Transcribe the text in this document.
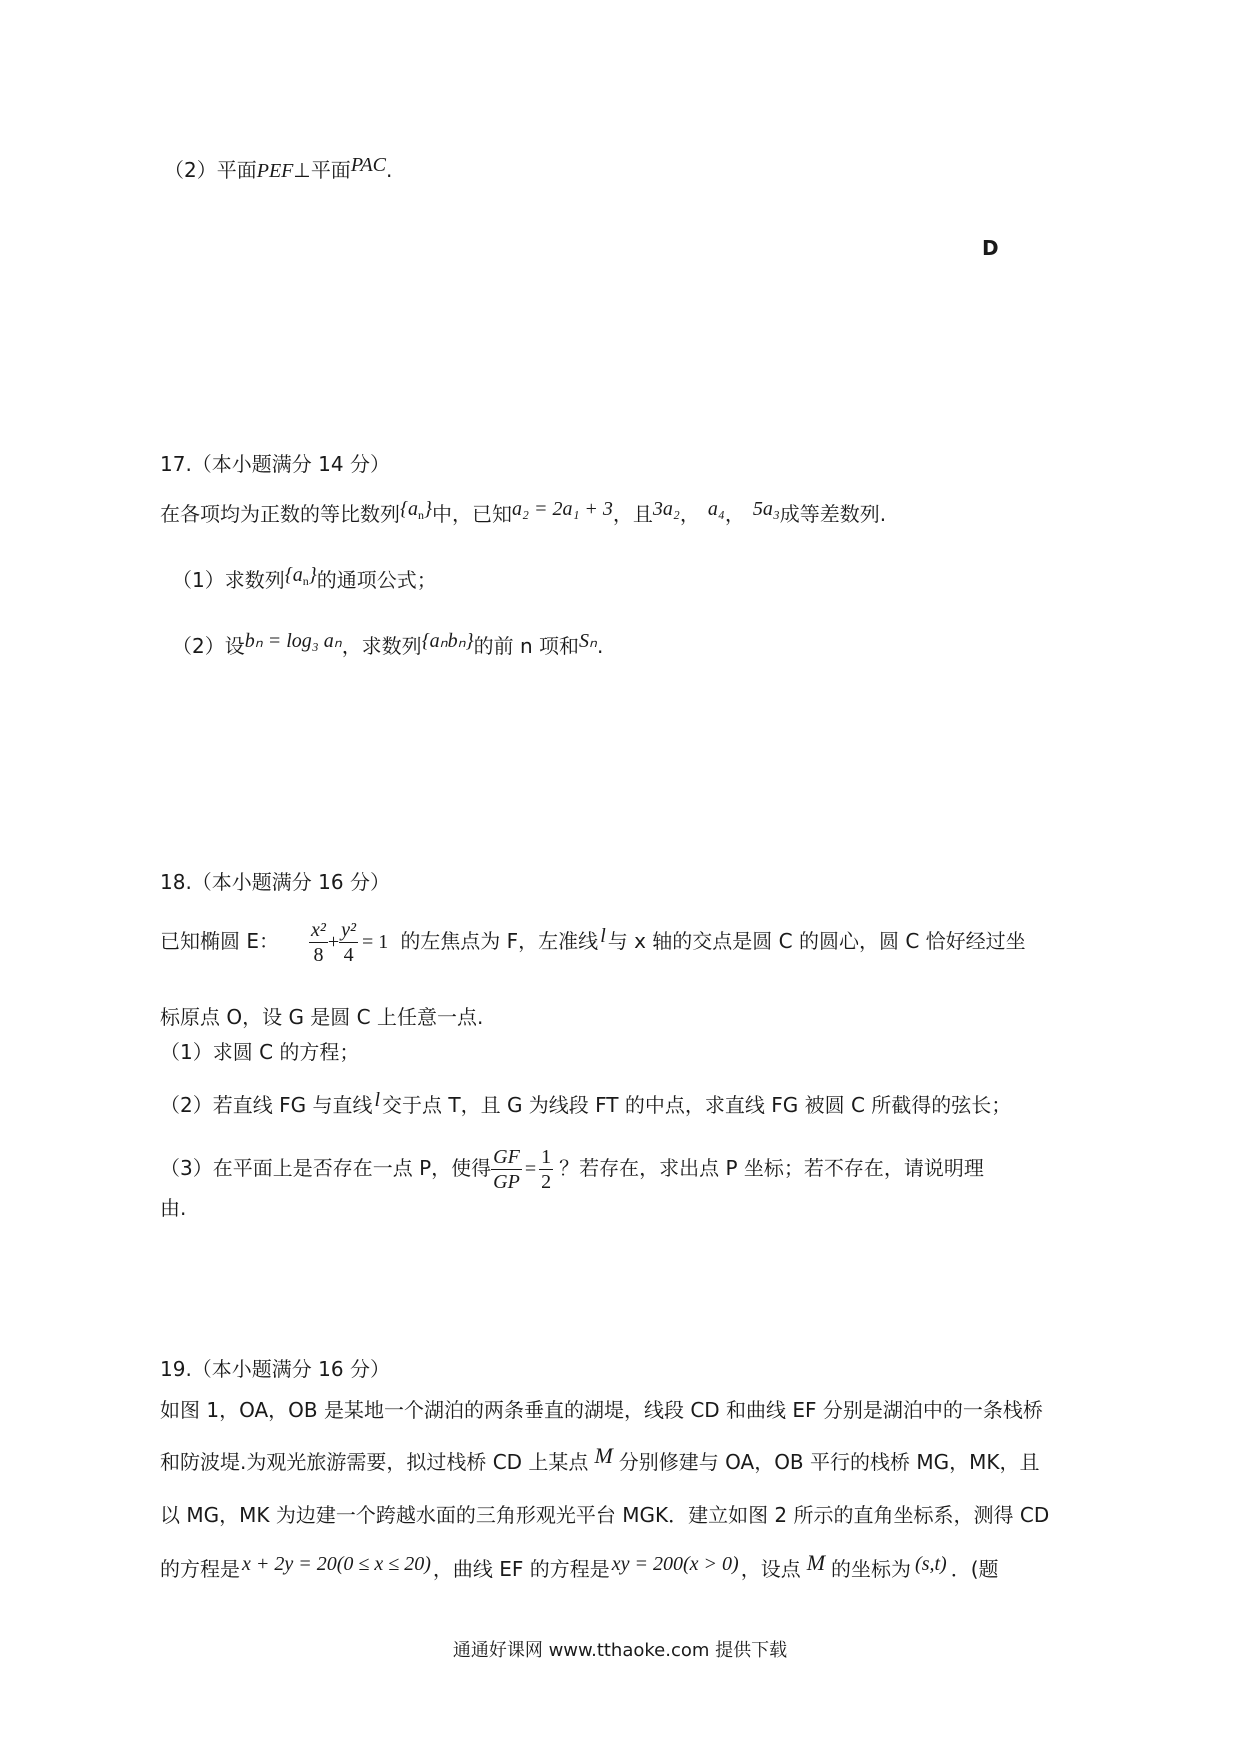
（2）平面PEF⊥平面PAC.
D
17.（本小题满分 14 分）
在各项均为正数的等比数列$\{a_n\}$中，已知a₂ = 2a₁ + 3，且3a₂， a₄， 5a₃成等差数列.
（1）求数列$\{a_n\}$的通项公式；
（2）设bₙ = log₃ aₙ，求数列{aₙbₙ}的前 n 项和Sₙ.
18.（本小题满分 16 分）
已知椭圆 E： $\frac{\text{x²}}{8} + \frac{\text{y²}}{4} = 1$ 的左焦点为 F，左准线 l 与 x 轴的交点是圆 C 的圆心，圆 C 恰好经过坐
标原点 O，设 G 是圆 C 上任意一点.
（1）求圆 C 的方程；
（2）若直线 FG 与直线 l 交于点 T，且 G 为线段 FT 的中点，求直线 FG 被圆 C 所截得的弦长；
（3）在平面上是否存在一点 P，使得 $\frac{GF}{GP} = \frac{1}{2}$ ？若存在，求出点 P 坐标；若不存在，请说明理
由.
19.（本小题满分 16 分）
如图 1，OA，OB 是某地一个湖泊的两条垂直的湖堤，线段 CD 和曲线 EF 分别是湖泊中的一条栈桥
和防波堤.为观光旅游需要，拟过栈桥 CD 上某点 M 分别修建与 OA，OB 平行的栈桥 MG，MK，且
以 MG，MK 为边建一个跨越水面的三角形观光平台 MGK．建立如图 2 所示的直角坐标系，测得 CD
的方程是 x + 2y = 20(0 ≤ x ≤ 20) ，曲线 EF 的方程是 xy = 200(x > 0) ，设点 M 的坐标为 (s,t) ．(题
通通好课网 www.tthaoke.com 提供下载
